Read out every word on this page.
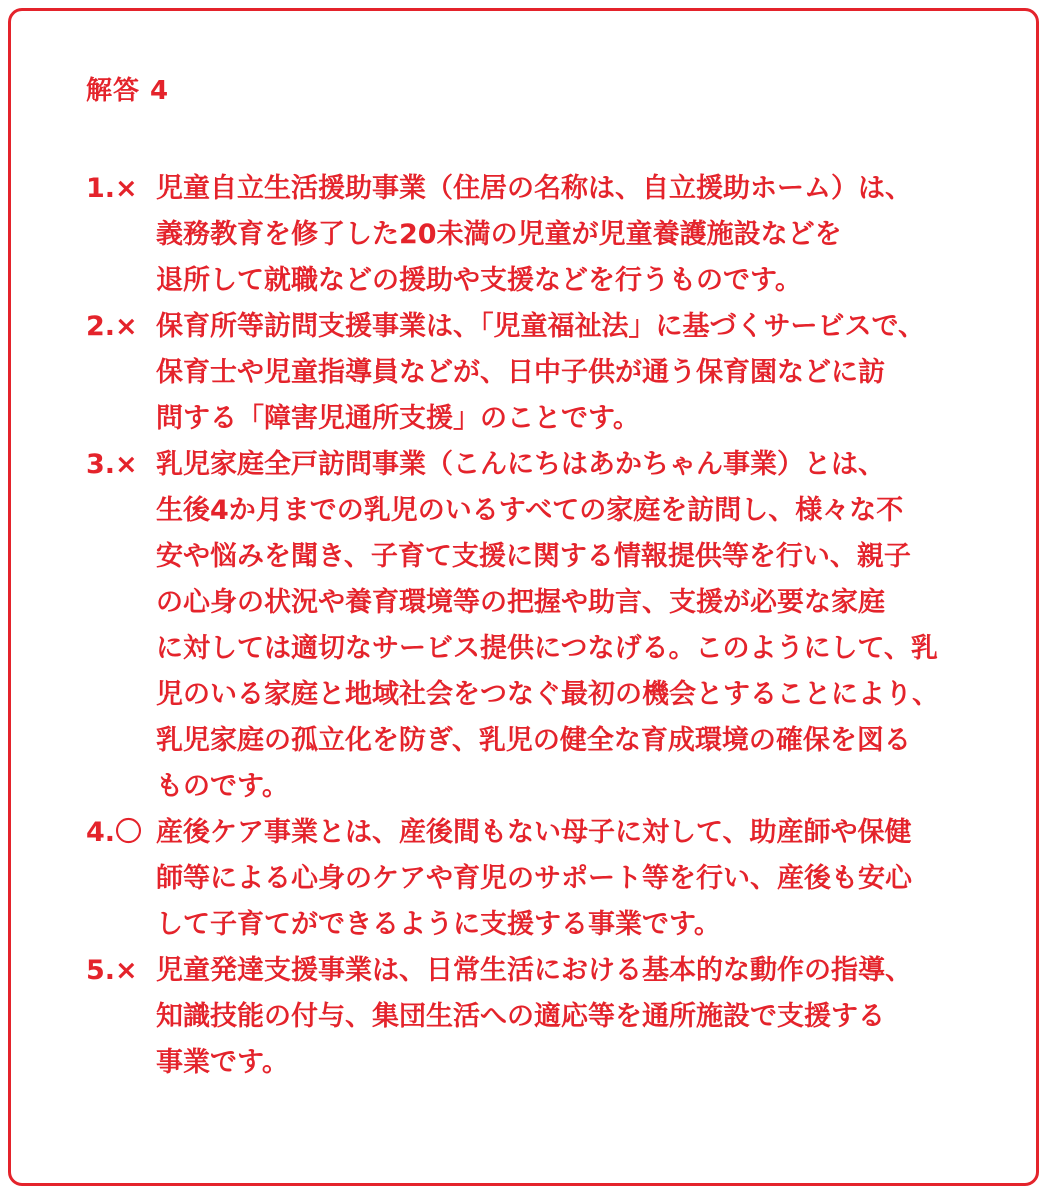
解答 4
1.× 児童自立生活援助事業（住居の名称は、自立援助ホーム）は、
義務教育を修了した20未満の児童が児童養護施設などを
退所して就職などの援助や支援などを行うものです。
2.× 保育所等訪問支援事業は、「児童福祉法」に基づくサービスで、
保育士や児童指導員などが、日中子供が通う保育園などに訪
問する「障害児通所支援」のことです。
3.× 乳児家庭全戸訪問事業（こんにちはあかちゃん事業）とは、
生後4か月までの乳児のいるすべての家庭を訪問し、様々な不
安や悩みを聞き、子育て支援に関する情報提供等を行い、親子
の心身の状況や養育環境等の把握や助言、支援が必要な家庭
に対しては適切なサービス提供につなげる。このようにして、乳
児のいる家庭と地域社会をつなぐ最初の機会とすることにより、
乳児家庭の孤立化を防ぎ、乳児の健全な育成環境の確保を図る
ものです。
4.〇 産後ケア事業とは、産後間もない母子に対して、助産師や保健
師等による心身のケアや育児のサポート等を行い、産後も安心
して子育てができるように支援する事業です。
5.× 児童発達支援事業は、日常生活における基本的な動作の指導、
知識技能の付与、集団生活への適応等を通所施設で支援する
事業です。
